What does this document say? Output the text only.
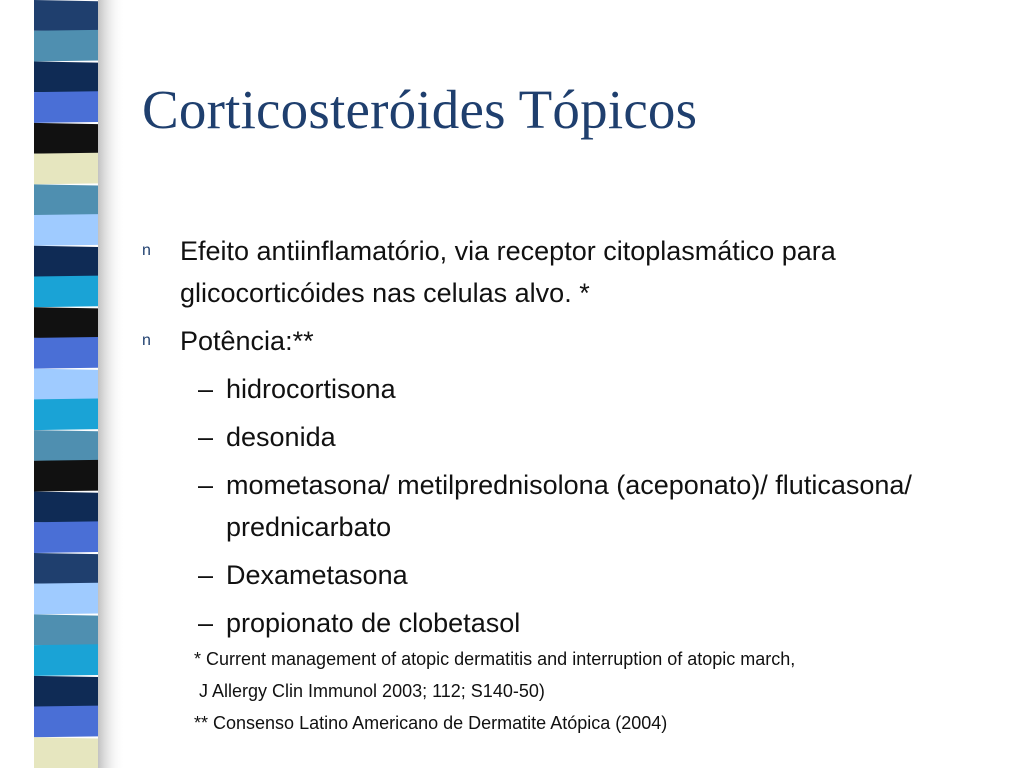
Corticosteróides Tópicos
n Efeito antiinflamatório, via receptor citoplasmático para glicocorticóides nas celulas alvo. *
n Potência:**
– hidrocortisona
– desonida
– mometasona/ metilprednisolona (aceponato)/ fluticasona/ prednicarbato
– Dexametasona
– propionato de clobetasol
* Current management of atopic dermatitis and interruption of atopic march,
J Allergy Clin Immunol 2003; 112; S140-50)
** Consenso Latino Americano de Dermatite Atópica (2004)
